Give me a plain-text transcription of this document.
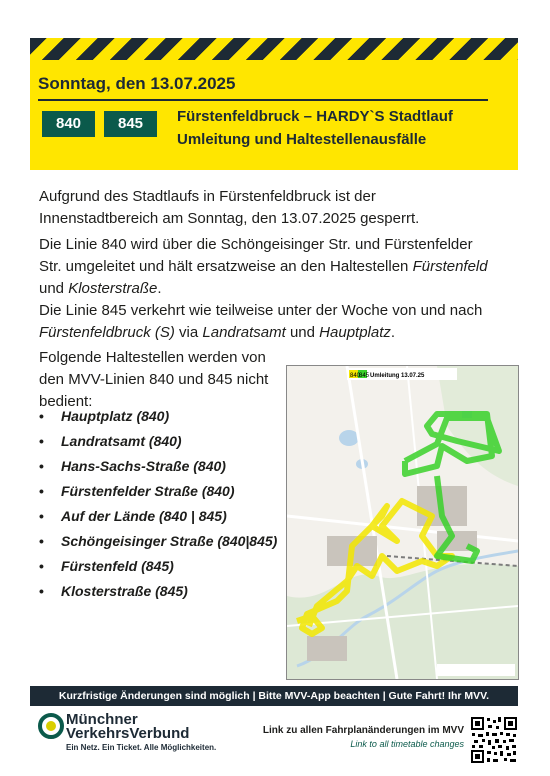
Sonntag, den 13.07.2025
840	845	Fürstenfeldbruck – HARDY`S Stadtlauf
Umleitung und Haltestellenausfälle

Aufgrund des Stadtlaufs in Fürstenfeldbruck ist der Innenstadtbereich am Sonntag, den 13.07.2025 gesperrt.

Die Linie 840 wird über die Schöngeisinger Str. und Fürstenfelder Str. umgeleitet und hält ersatzweise an den Haltestellen Fürstenfeld und Klosterstraße.

Die Linie 845 verkehrt wie teilweise unter der Woche von und nach Fürstenfeldbruck (S) via Landratsamt und Hauptplatz.

Folgende Haltestellen werden von den MVV-Linien 840 und 845 nicht bedient:

• Hauptplatz (840)
• Landratsamt (840)
• Hans-Sachs-Straße (840)
• Fürstenfelder Straße (840)
• Auf der Lände (840 | 845)
• Schöngeisinger Straße (840|845)
• Fürstenfeld (845)
• Klosterstraße (845)
840
845 Umleitung 13.07.25
Kurzfristige Änderungen sind möglich | Bitte MVV-App beachten | Gute Fahrt! Ihr MVV.
Münchner
VerkehrsVerbund
Ein Netz. Ein Ticket. Alle Möglichkeiten.
Link zu allen Fahrplanänderungen im MVV
Link to all timetable changes
